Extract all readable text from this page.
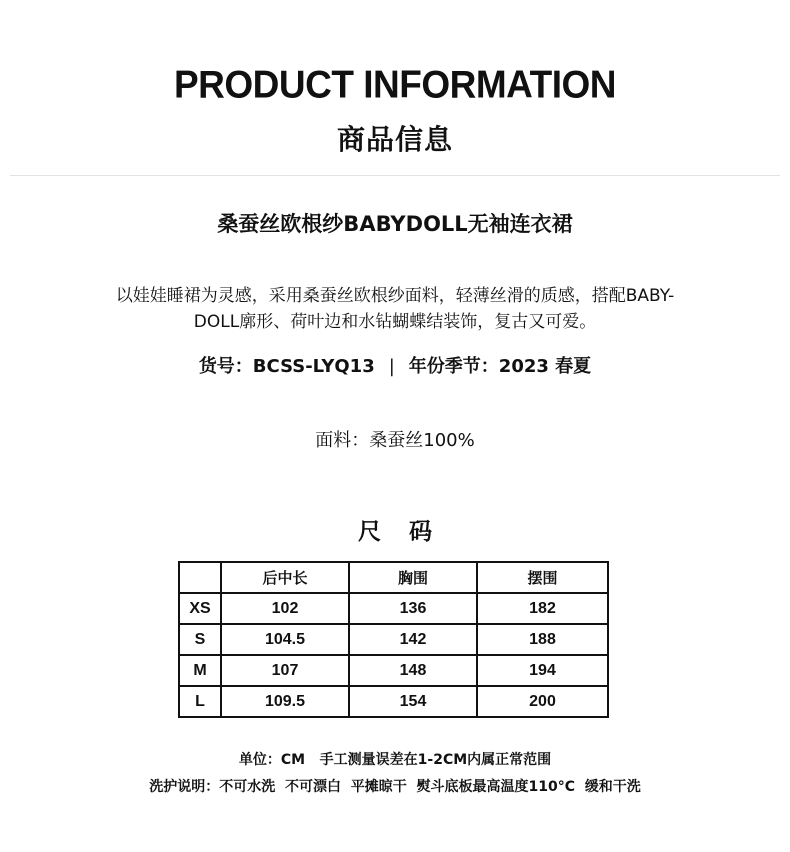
PRODUCT INFORMATION
商品信息
桑蚕丝欧根纱BABYDOLL无袖连衣裙
以娃娃睡裙为灵感，采用桑蚕丝欧根纱面料，轻薄丝滑的质感，搭配BABY-
DOLL廓形、荷叶边和水钻蝴蝶结装饰，复古又可爱。
货号：BCSS-LYQ13 | 年份季节：2023 春夏
面料：桑蚕丝100%
尺 码
	后中长	胸围	摆围
XS	102	136	182
S	104.5	142	188
M	107	148	194
L	109.5	154	200
单位：CM   手工测量误差在1-2CM内属正常范围
洗护说明：不可水洗  不可漂白  平摊晾干  熨斗底板最高温度110°C  缓和干洗
